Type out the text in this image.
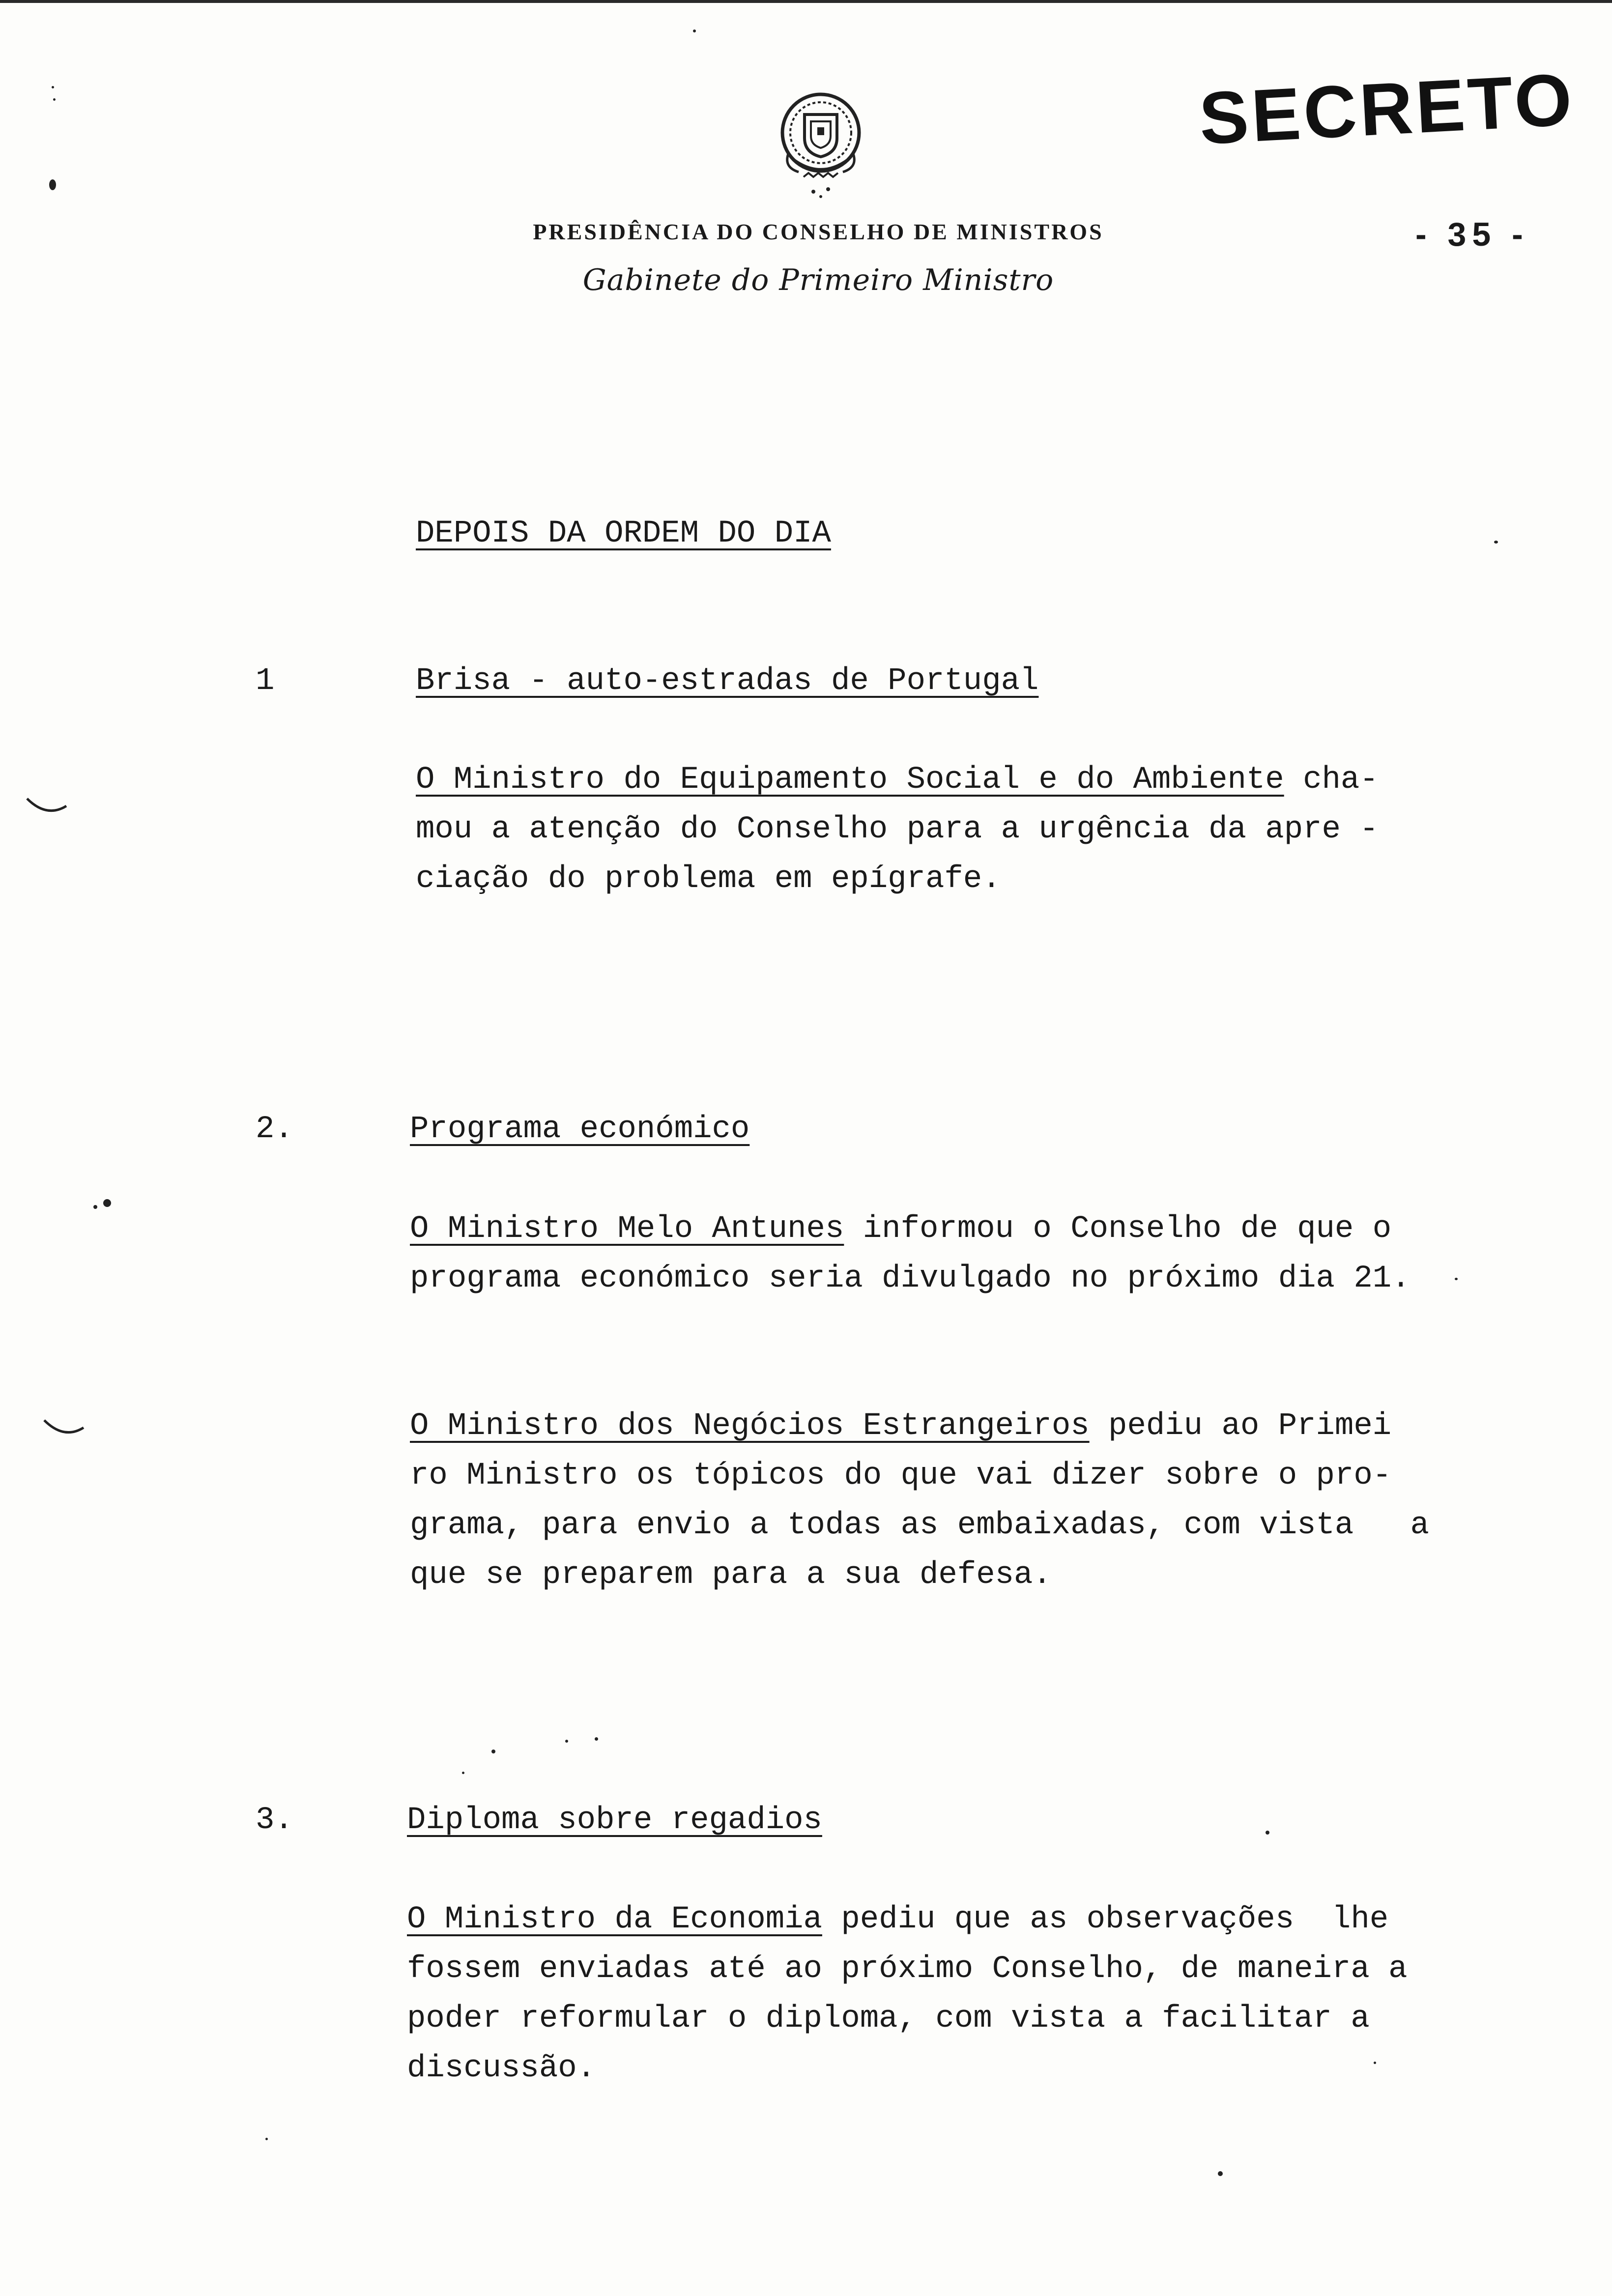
SECRETO
PRESIDÊNCIA DO CONSELHO DE MINISTROS
Gabinete do Primeiro Ministro
- 35 -
DEPOIS DA ORDEM DO DIA
1	Brisa - auto-estradas de Portugal
O Ministro do Equipamento Social e do Ambiente cha-
mou a atenção do Conselho para a urgência da apre -
ciação do problema em epígrafe.
2.	Programa económico
O Ministro Melo Antunes informou o Conselho de que o
programa económico seria divulgado no próximo dia 21.
O Ministro dos Negócios Estrangeiros pediu ao Primei
ro Ministro os tópicos do que vai dizer sobre o pro-
grama, para envio a todas as embaixadas, com vista   a
que se preparem para a sua defesa.
3.	Diploma sobre regadios
O Ministro da Economia pediu que as observações  lhe
fossem enviadas até ao próximo Conselho, de maneira a
poder reformular o diploma, com vista a facilitar a
discussão.
